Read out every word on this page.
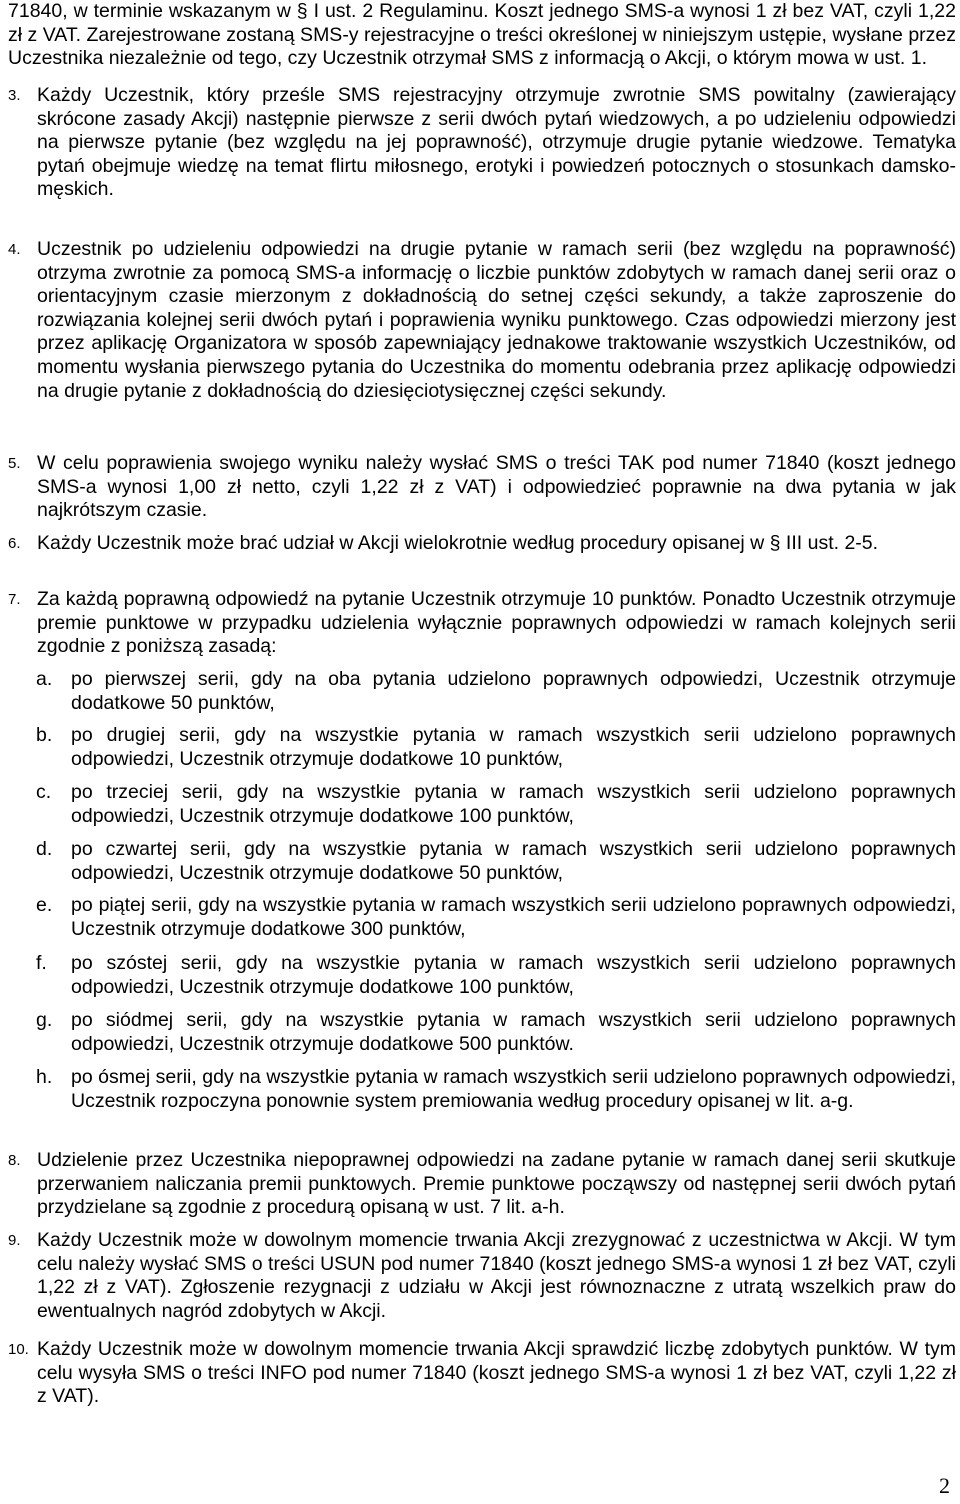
71840, w terminie wskazanym w § I ust. 2 Regulaminu. Koszt jednego SMS-a wynosi 1 zł bez VAT, czyli 1,22 zł z VAT. Zarejestrowane zostaną SMS-y rejestracyjne o treści określonej w niniejszym ustępie, wysłane przez Uczestnika niezależnie od tego, czy Uczestnik otrzymał SMS z informacją o Akcji, o którym mowa w ust. 1.

3. Każdy Uczestnik, który prześle SMS rejestracyjny otrzymuje zwrotnie SMS powitalny (zawierający skrócone zasady Akcji) następnie pierwsze z serii dwóch pytań wiedzowych, a po udzieleniu odpowiedzi na pierwsze pytanie (bez względu na jej poprawność), otrzymuje drugie pytanie wiedzowe. Tematyka pytań obejmuje wiedzę na temat flirtu miłosnego, erotyki i powiedzeń potocznych o stosunkach damsko-męskich.
4. Uczestnik po udzieleniu odpowiedzi na drugie pytanie w ramach serii (bez względu na poprawność) otrzyma zwrotnie za pomocą SMS-a informację o liczbie punktów zdobytych w ramach danej serii oraz o orientacyjnym czasie mierzonym z dokładnością do setnej części sekundy, a także zaproszenie do rozwiązania kolejnej serii dwóch pytań i poprawienia wyniku punktowego. Czas odpowiedzi mierzony jest przez aplikację Organizatora w sposób zapewniający jednakowe traktowanie wszystkich Uczestników, od momentu wysłania pierwszego pytania do Uczestnika do momentu odebrania przez aplikację odpowiedzi na drugie pytanie z dokładnością do dziesięciotysięcznej części sekundy.
5. W celu poprawienia swojego wyniku należy wysłać SMS o treści TAK pod numer 71840 (koszt jednego SMS-a wynosi 1,00 zł netto, czyli 1,22 zł z VAT) i odpowiedzieć poprawnie na dwa pytania w jak najkrótszym czasie.
6. Każdy Uczestnik może brać udział w Akcji wielokrotnie według procedury opisanej w § III ust. 2-5.
7. Za każdą poprawną odpowiedź na pytanie Uczestnik otrzymuje 10 punktów. Ponadto Uczestnik otrzymuje premie punktowe w przypadku udzielenia wyłącznie poprawnych odpowiedzi w ramach kolejnych serii zgodnie z poniższą zasadą:
a. po pierwszej serii, gdy na oba pytania udzielono poprawnych odpowiedzi, Uczestnik otrzymuje dodatkowe 50 punktów,
b. po drugiej serii, gdy na wszystkie pytania w ramach wszystkich serii udzielono poprawnych odpowiedzi, Uczestnik otrzymuje dodatkowe 10 punktów,
c.	po trzeciej serii, gdy na wszystkie pytania w ramach wszystkich serii udzielono poprawnych odpowiedzi, Uczestnik otrzymuje dodatkowe 100 punktów,
d. po czwartej serii, gdy na wszystkie pytania w ramach wszystkich serii udzielono poprawnych odpowiedzi, Uczestnik otrzymuje dodatkowe 50 punktów,
e. po piątej serii, gdy na wszystkie pytania w ramach wszystkich serii udzielono poprawnych odpowiedzi, Uczestnik otrzymuje dodatkowe 300 punktów,
f.	po szóstej serii, gdy na wszystkie pytania w ramach wszystkich serii udzielono poprawnych odpowiedzi, Uczestnik otrzymuje dodatkowe 100 punktów,
g. po siódmej serii, gdy na wszystkie pytania w ramach wszystkich serii udzielono poprawnych odpowiedzi, Uczestnik otrzymuje dodatkowe 500 punktów.
h. po ósmej serii, gdy na wszystkie pytania w ramach wszystkich serii udzielono poprawnych odpowiedzi, Uczestnik rozpoczyna ponownie system premiowania według procedury opisanej w lit. a-g.
8. Udzielenie przez Uczestnika niepoprawnej odpowiedzi na zadane pytanie w ramach danej serii skutkuje przerwaniem naliczania premii punktowych. Premie punktowe począwszy od następnej serii dwóch pytań przydzielane są zgodnie z procedurą opisaną w ust. 7 lit. a-h.
9. Każdy Uczestnik może w dowolnym momencie trwania Akcji zrezygnować z uczestnictwa w Akcji. W tym celu należy wysłać SMS o treści USUN pod numer 71840 (koszt jednego SMS-a wynosi 1 zł bez VAT, czyli 1,22 zł z VAT). Zgłoszenie rezygnacji z udziału w Akcji jest równoznaczne z utratą wszelkich praw do ewentualnych nagród zdobytych w Akcji.
10. Każdy Uczestnik może w dowolnym momencie trwania Akcji sprawdzić liczbę zdobytych punktów. W tym celu wysyła SMS o treści INFO pod numer 71840 (koszt jednego SMS-a wynosi 1 zł bez VAT, czyli 1,22 zł z VAT).
2
